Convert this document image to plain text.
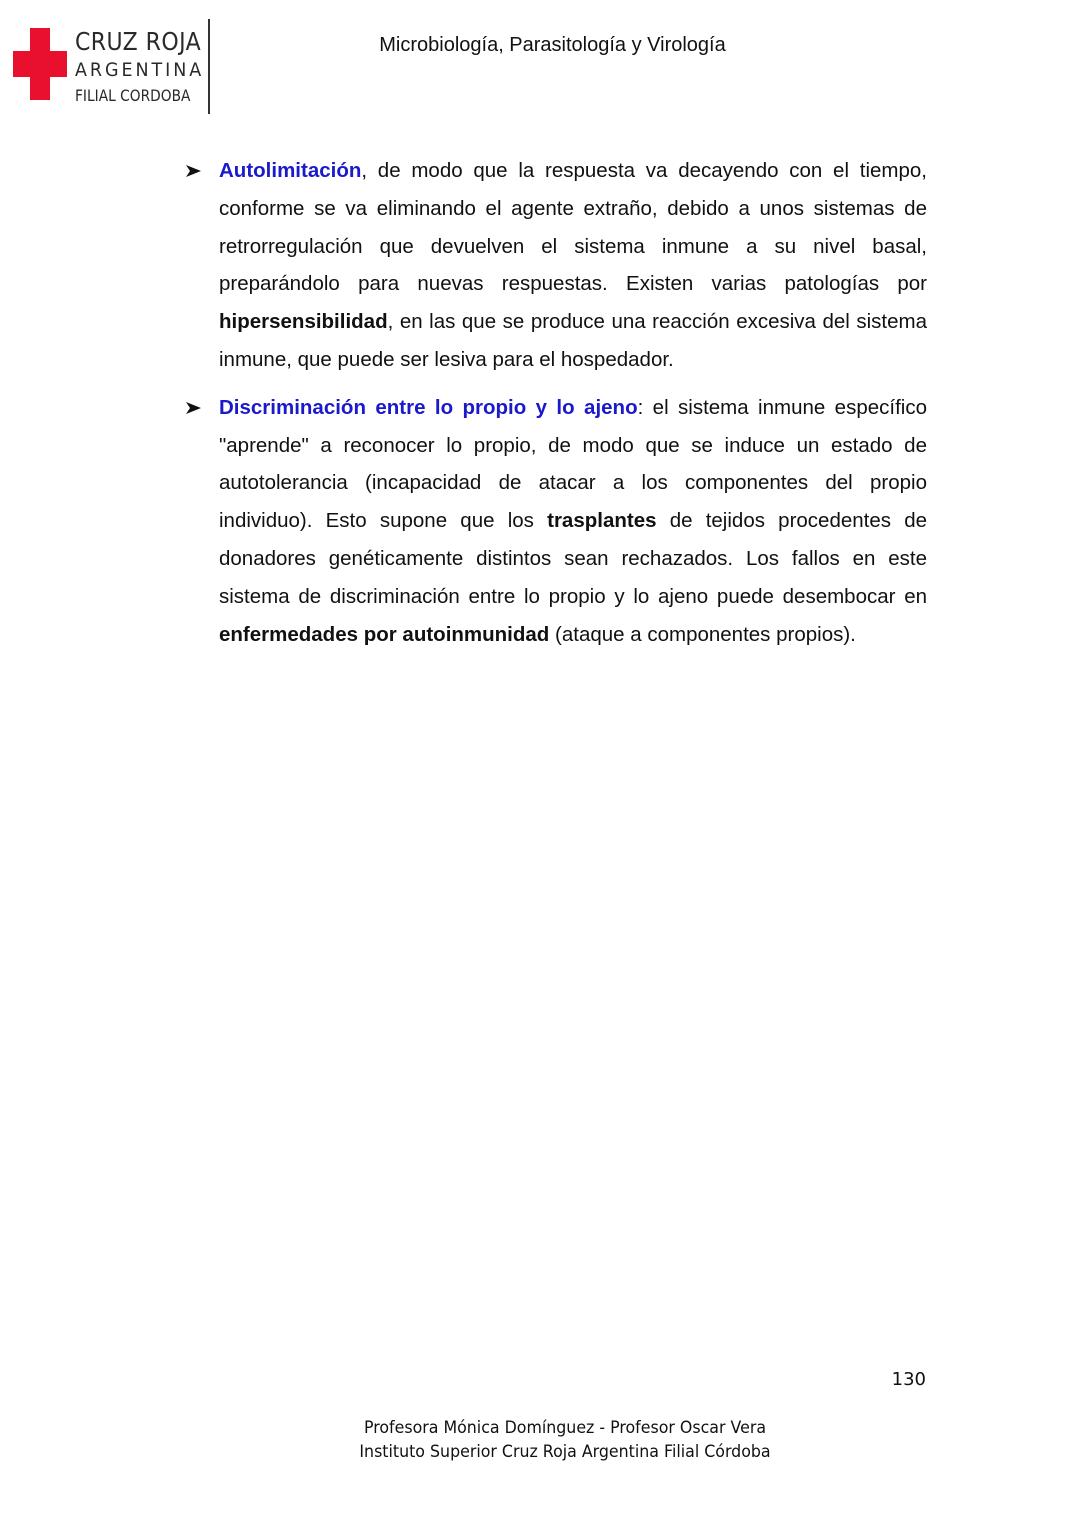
CRUZ ROJA
ARGENTINA
FILIAL CORDOBA
Microbiología, Parasitología y Virología
Autolimitación, de modo que la respuesta va decayendo con el tiempo, conforme se va eliminando el agente extraño, debido a unos sistemas de retrorregulación que devuelven el sistema inmune a su nivel basal, preparándolo para nuevas respuestas. Existen varias patologías por hipersensibilidad, en las que se produce una reacción excesiva del sistema inmune, que puede ser lesiva para el hospedador.
Discriminación entre lo propio y lo ajeno: el sistema inmune específico "aprende" a reconocer lo propio, de modo que se induce un estado de autotolerancia (incapacidad de atacar a los componentes del propio individuo). Esto supone que los trasplantes de tejidos procedentes de donadores genéticamente distintos sean rechazados. Los fallos en este sistema de discriminación entre lo propio y lo ajeno puede desembocar en enfermedades por autoinmunidad (ataque a componentes propios).
130
Profesora Mónica Domínguez - Profesor Oscar Vera
Instituto Superior Cruz Roja Argentina Filial Córdoba
